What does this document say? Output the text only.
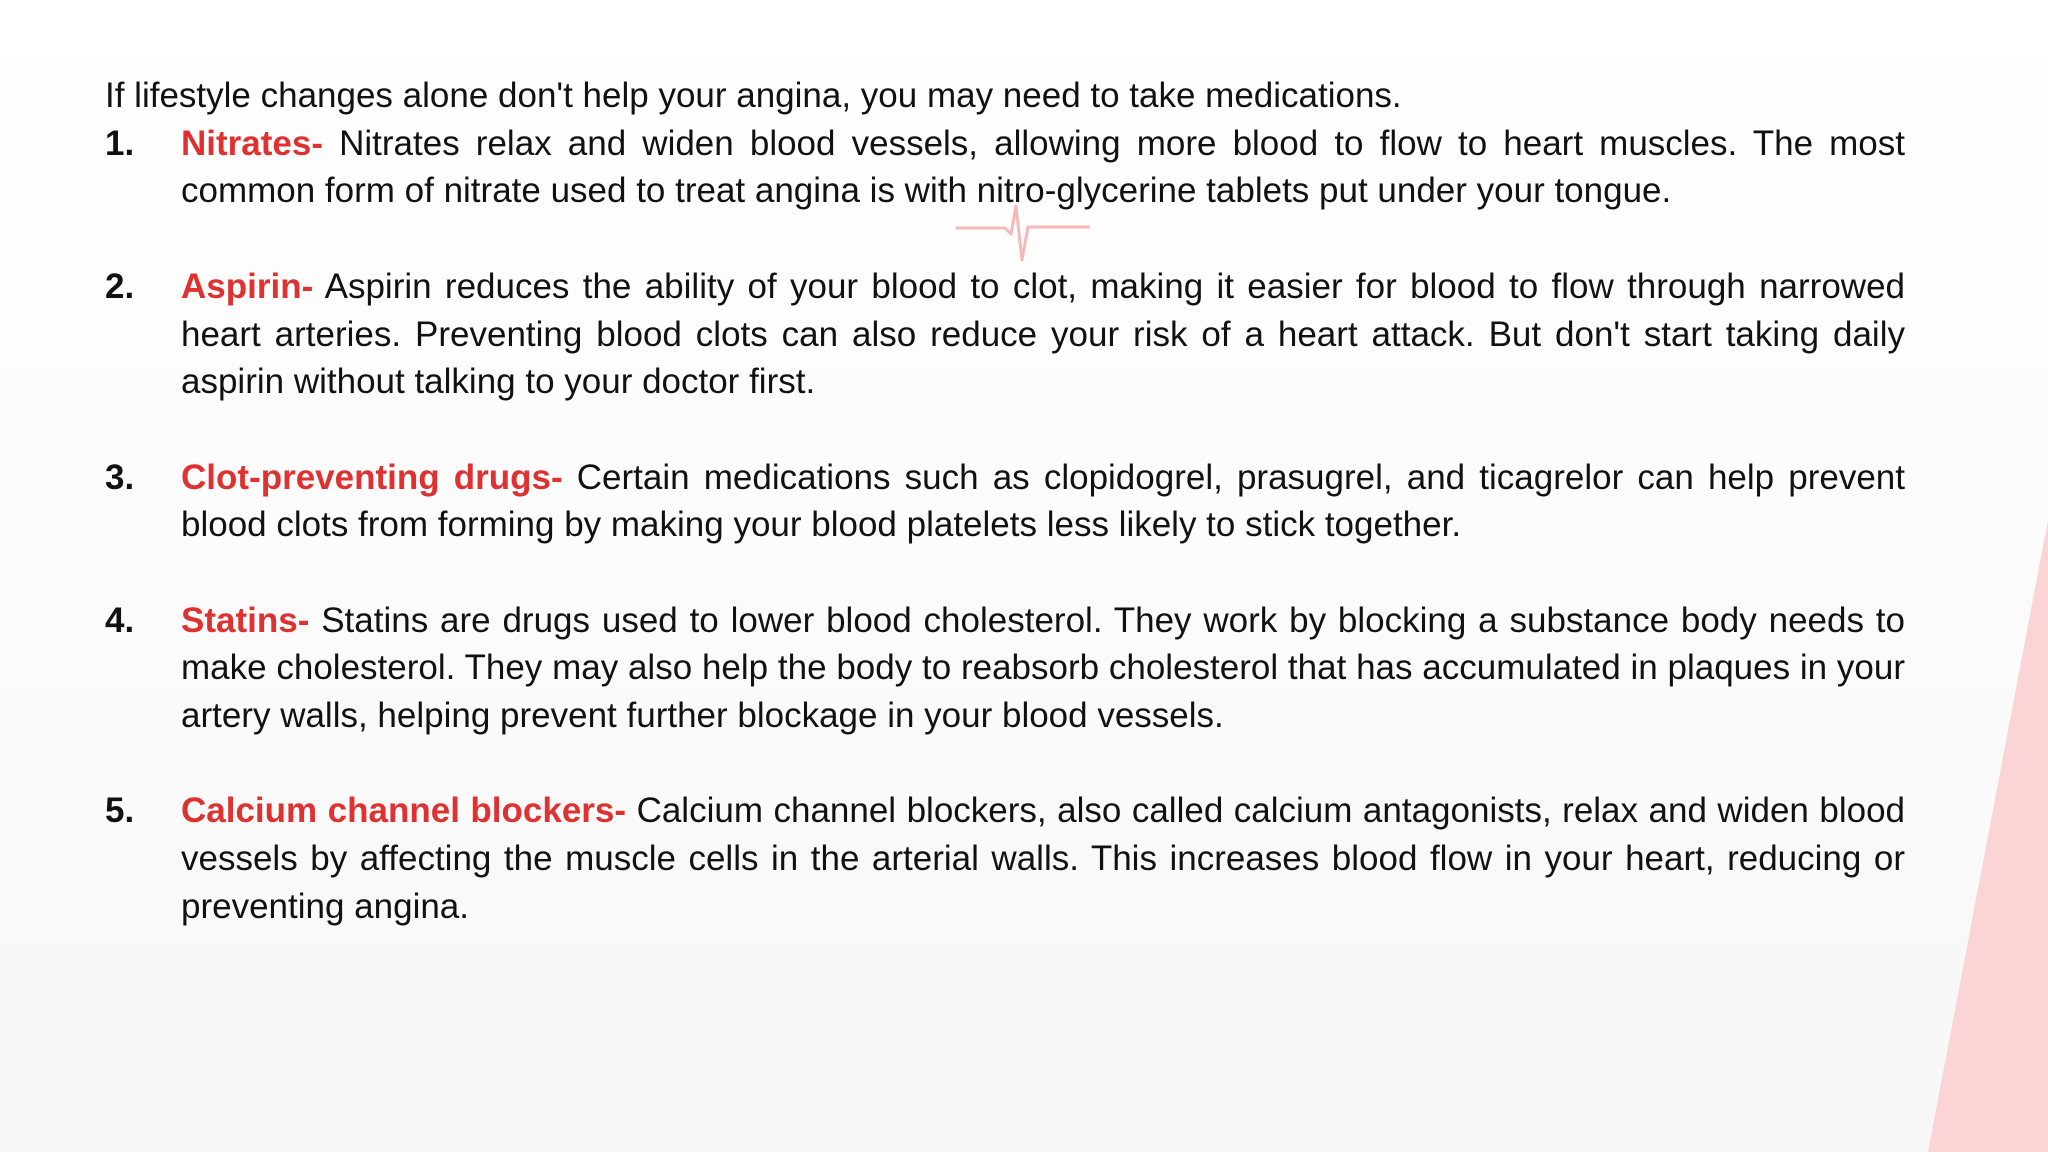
If lifestyle changes alone don't help your angina, you may need to take medications.

1.	Nitrates- Nitrates relax and widen blood vessels, allowing more blood to flow to heart muscles. The most common form of nitrate used to treat angina is with nitro-glycerine tablets put under your tongue.
2.	Aspirin- Aspirin reduces the ability of your blood to clot, making it easier for blood to flow through narrowed heart arteries. Preventing blood clots can also reduce your risk of a heart attack. But don't start taking daily aspirin without talking to your doctor first.
3.	Clot-preventing drugs- Certain medications such as clopidogrel, prasugrel, and ticagrelor can help prevent blood clots from forming by making your blood platelets less likely to stick together.
4.	Statins- Statins are drugs used to lower blood cholesterol. They work by blocking a substance body needs to make cholesterol. They may also help the body to reabsorb cholesterol that has accumulated in plaques in your artery walls, helping prevent further blockage in your blood vessels.
5.	Calcium channel blockers- Calcium channel blockers, also called calcium antagonists, relax and widen blood vessels by affecting the muscle cells in the arterial walls. This increases blood flow in your heart, reducing or preventing angina.
